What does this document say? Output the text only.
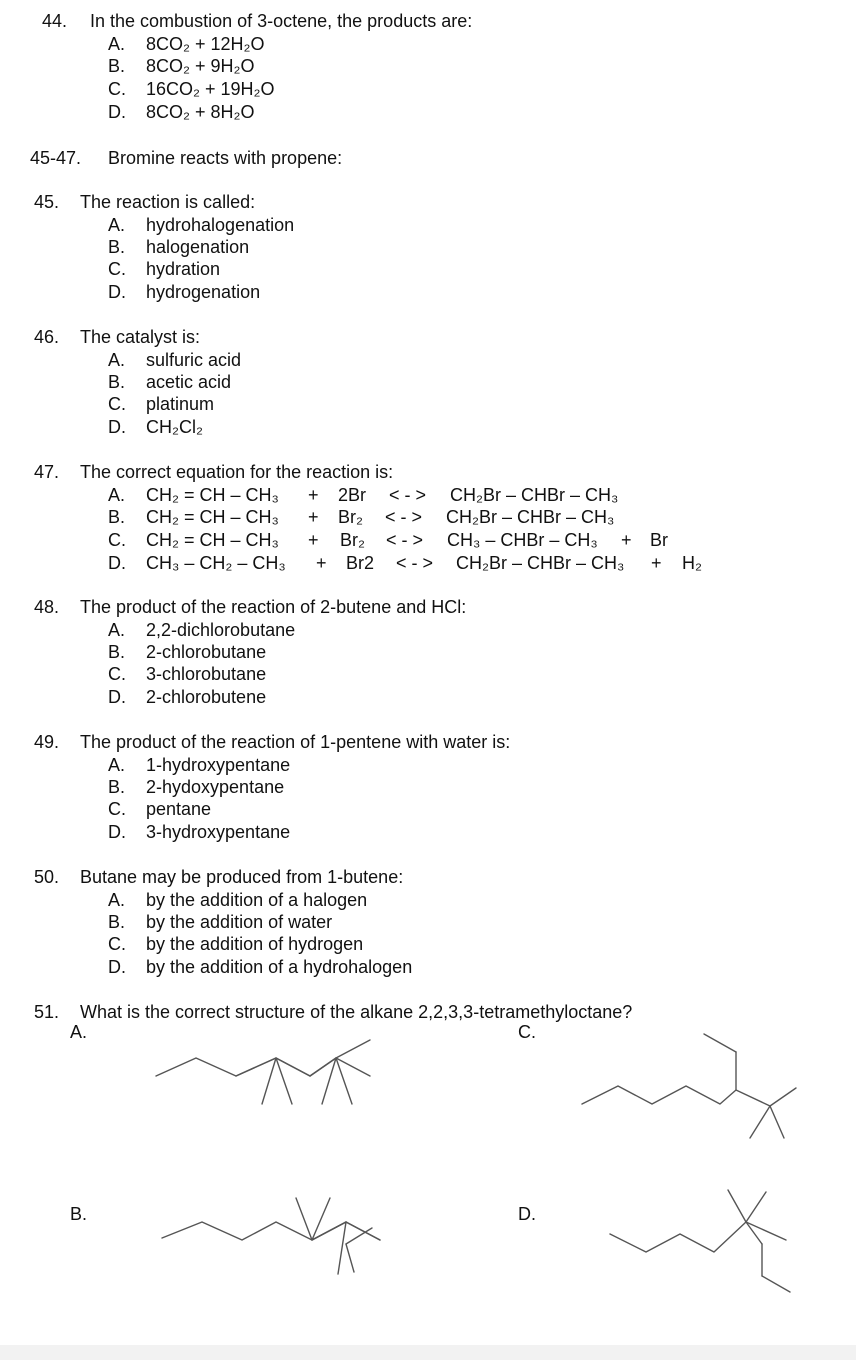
44. In the combustion of 3-octene, the products are:
A. 8CO₂ + 12H₂O
B. 8CO₂ + 9H₂O
C. 16CO₂ + 19H₂O
D. 8CO₂ + 8H₂O
45-47. Bromine reacts with propene:
45. The reaction is called:
A. hydrohalogenation
B. halogenation
C. hydration
D. hydrogenation
46. The catalyst is:
A. sulfuric acid
B. acetic acid
C. platinum
D. CH₂Cl₂
47. The correct equation for the reaction is:
A. CH₂ = CH – CH₃ + 2Br < - > CH₂Br – CHBr – CH₃
B. CH₂ = CH – CH₃ + Br₂ < - > CH₂Br – CHBr – CH₃
C. CH₂ = CH – CH₃ + Br₂ < - > CH₃ – CHBr – CH₃ + Br
D. CH₃ – CH₂ – CH₃ + Br2 < - > CH₂Br – CHBr – CH₃ + H₂
48. The product of the reaction of 2-butene and HCl:
A. 2,2-dichlorobutane
B. 2-chlorobutane
C. 3-chlorobutane
D. 2-chlorobutene
49. The product of the reaction of 1-pentene with water is:
A. 1-hydroxypentane
B. 2-hydoxypentane
C. pentane
D. 3-hydroxypentane
50. Butane may be produced from 1-butene:
A. by the addition of a halogen
B. by the addition of water
C. by the addition of hydrogen
D. by the addition of a hydrohalogen
51. What is the correct structure of the alkane 2,2,3,3-tetramethyloctane?
A.
B.
C.
D.
